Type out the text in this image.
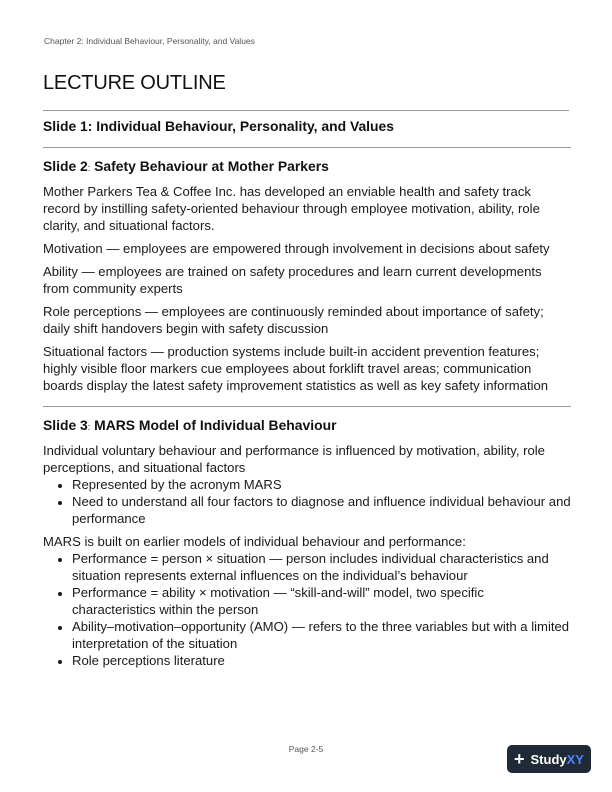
Chapter 2: Individual Behaviour, Personality, and Values
LECTURE OUTLINE
Slide 1: Individual Behaviour, Personality, and Values
Slide 2: Safety Behaviour at Mother Parkers

Mother Parkers Tea & Coffee Inc. has developed an enviable health and safety track record by instilling safety-oriented behaviour through employee motivation, ability, role clarity, and situational factors.

Motivation — employees are empowered through involvement in decisions about safety

Ability — employees are trained on safety procedures and learn current developments from community experts

Role perceptions — employees are continuously reminded about importance of safety; daily shift handovers begin with safety discussion

Situational factors — production systems include built-in accident prevention features; highly visible floor markers cue employees about forklift travel areas; communication boards display the latest safety improvement statistics as well as key safety information

Slide 3: MARS Model of Individual Behaviour

Individual voluntary behaviour and performance is influenced by motivation, ability, role perceptions, and situational factors

• Represented by the acronym MARS
• Need to understand all four factors to diagnose and influence individual behaviour and performance

MARS is built on earlier models of individual behaviour and performance:

• Performance = person × situation — person includes individual characteristics and situation represents external influences on the individual’s behaviour
• Performance = ability × motivation — “skill-and-will” model, two specific characteristics within the person
• Ability–motivation–opportunity (AMO) — refers to the three variables but with a limited interpretation of the situation
• Role perceptions literature
Page 2-5	+ StudyXY
